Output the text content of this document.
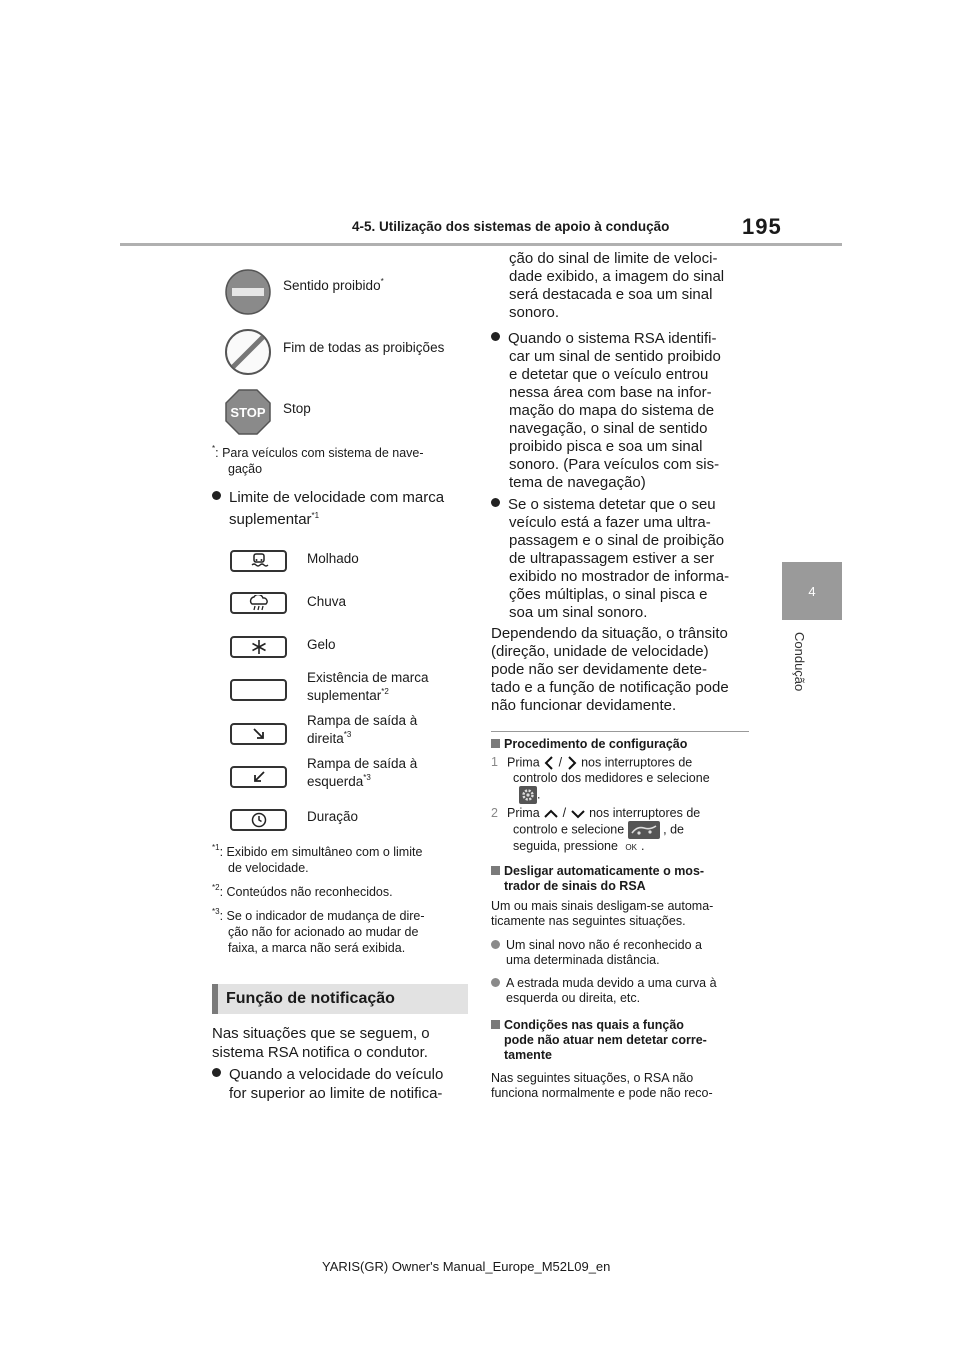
4-5. Utilização dos sistemas de apoio à condução	195
4
Condução
Sentido proibido*
Fim de todas as proibições
STOP Stop
*: Para veículos com sistema de nave-
gação
Limite de velocidade com marca
suplementar$^{*1}$
Molhado
Chuva
Gelo
Existência de marca
suplementar$^{*2}$
Rampa de saída à
direita$^{*3}$
Rampa de saída à
esquerda$^{*3}$
Duração
$^{*1}$: Exibido em simultâneo com o limite
de velocidade.
$^{*2}$: Conteúdos não reconhecidos.
$^{*3}$: Se o indicador de mudança de dire-
ção não for acionado ao mudar de
faixa, a marca não será exibida.
Função de notificação
Nas situações que se seguem, o
sistema RSA notifica o condutor.
Quando a velocidade do veículo
for superior ao limite de notifica-
ção do sinal de limite de veloci-
dade exibido, a imagem do sinal
será destacada e soa um sinal
sonoro.
Quando o sistema RSA identifi-
car um sinal de sentido proibido
e detetar que o veículo entrou
nessa área com base na infor-
mação do mapa do sistema de
navegação, o sinal de sentido
proibido pisca e soa um sinal
sonoro. (Para veículos com sis-
tema de navegação)
Se o sistema detetar que o seu
veículo está a fazer uma ultra-
passagem e o sinal de proibição
de ultrapassagem estiver a ser
exibido no mostrador de informa-
ções múltiplas, o sinal pisca e
soa um sinal sonoro.
Dependendo da situação, o trânsito
(direção, unidade de velocidade)
pode não ser devidamente dete-
tado e a função de notificação pode
não funcionar devidamente.
Procedimento de configuração
1 Prima / nos interruptores de
controlo dos medidores e selecione
.
2 Prima / nos interruptores de
controlo e selecione	, de
seguida, pressione OK .
Desligar automaticamente o mos-
trador de sinais do RSA
Um ou mais sinais desligam-se automa-
ticamente nas seguintes situações.
Um sinal novo não é reconhecido a
uma determinada distância.
A estrada muda devido a uma curva à
esquerda ou direita, etc.
Condições nas quais a função
pode não atuar nem detetar corre-
tamente
Nas seguintes situações, o RSA não
funciona normalmente e pode não reco-
YARIS(GR) Owner's Manual_Europe_M52L09_en
